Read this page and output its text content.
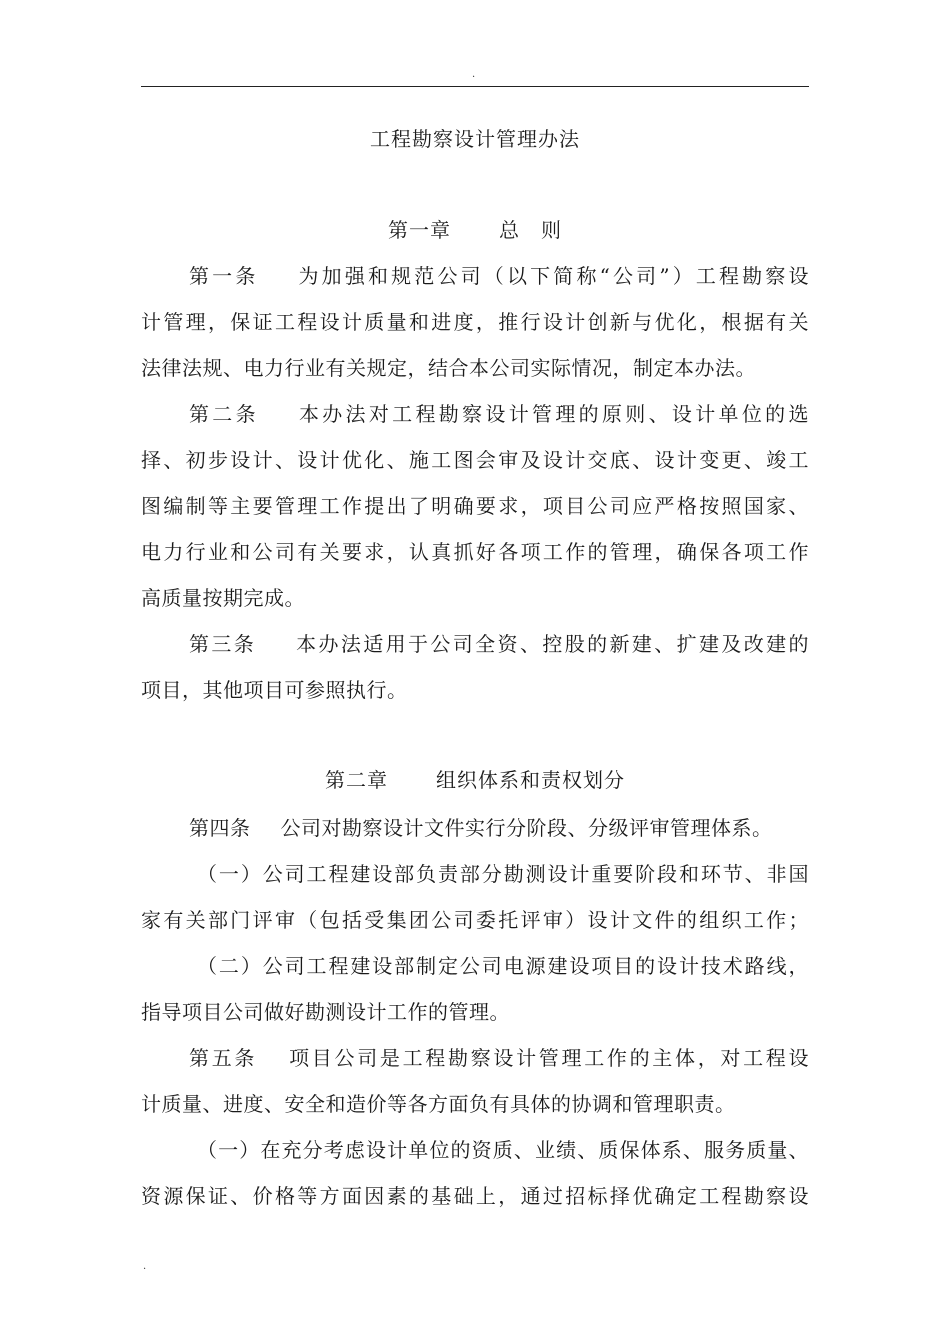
.
工程勘察设计管理办法
第一章 总　则
第一条 为加强和规范公司（以下简称“公司”）工程勘察设
计管理，保证工程设计质量和进度，推行设计创新与优化，根据有关
法律法规、电力行业有关规定，结合本公司实际情况，制定本办法。
第二条 本办法对工程勘察设计管理的原则、设计单位的选
择、初步设计、设计优化、施工图会审及设计交底、设计变更、竣工
图编制等主要管理工作提出了明确要求，项目公司应严格按照国家、
电力行业和公司有关要求，认真抓好各项工作的管理，确保各项工作
高质量按期完成。
第三条 本办法适用于公司全资、控股的新建、扩建及改建的
项目，其他项目可参照执行。
第二章 组织体系和责权划分
第四条 公司对勘察设计文件实行分阶段、分级评审管理体系。
（一）公司工程建设部负责部分勘测设计重要阶段和环节、非国
家有关部门评审（包括受集团公司委托评审）设计文件的组织工作；
（二）公司工程建设部制定公司电源建设项目的设计技术路线，
指导项目公司做好勘测设计工作的管理。
第五条 项目公司是工程勘察设计管理工作的主体，对工程设
计质量、进度、安全和造价等各方面负有具体的协调和管理职责。
（一）在充分考虑设计单位的资质、业绩、质保体系、服务质量、
资源保证、价格等方面因素的基础上，通过招标择优确定工程勘察设
.
